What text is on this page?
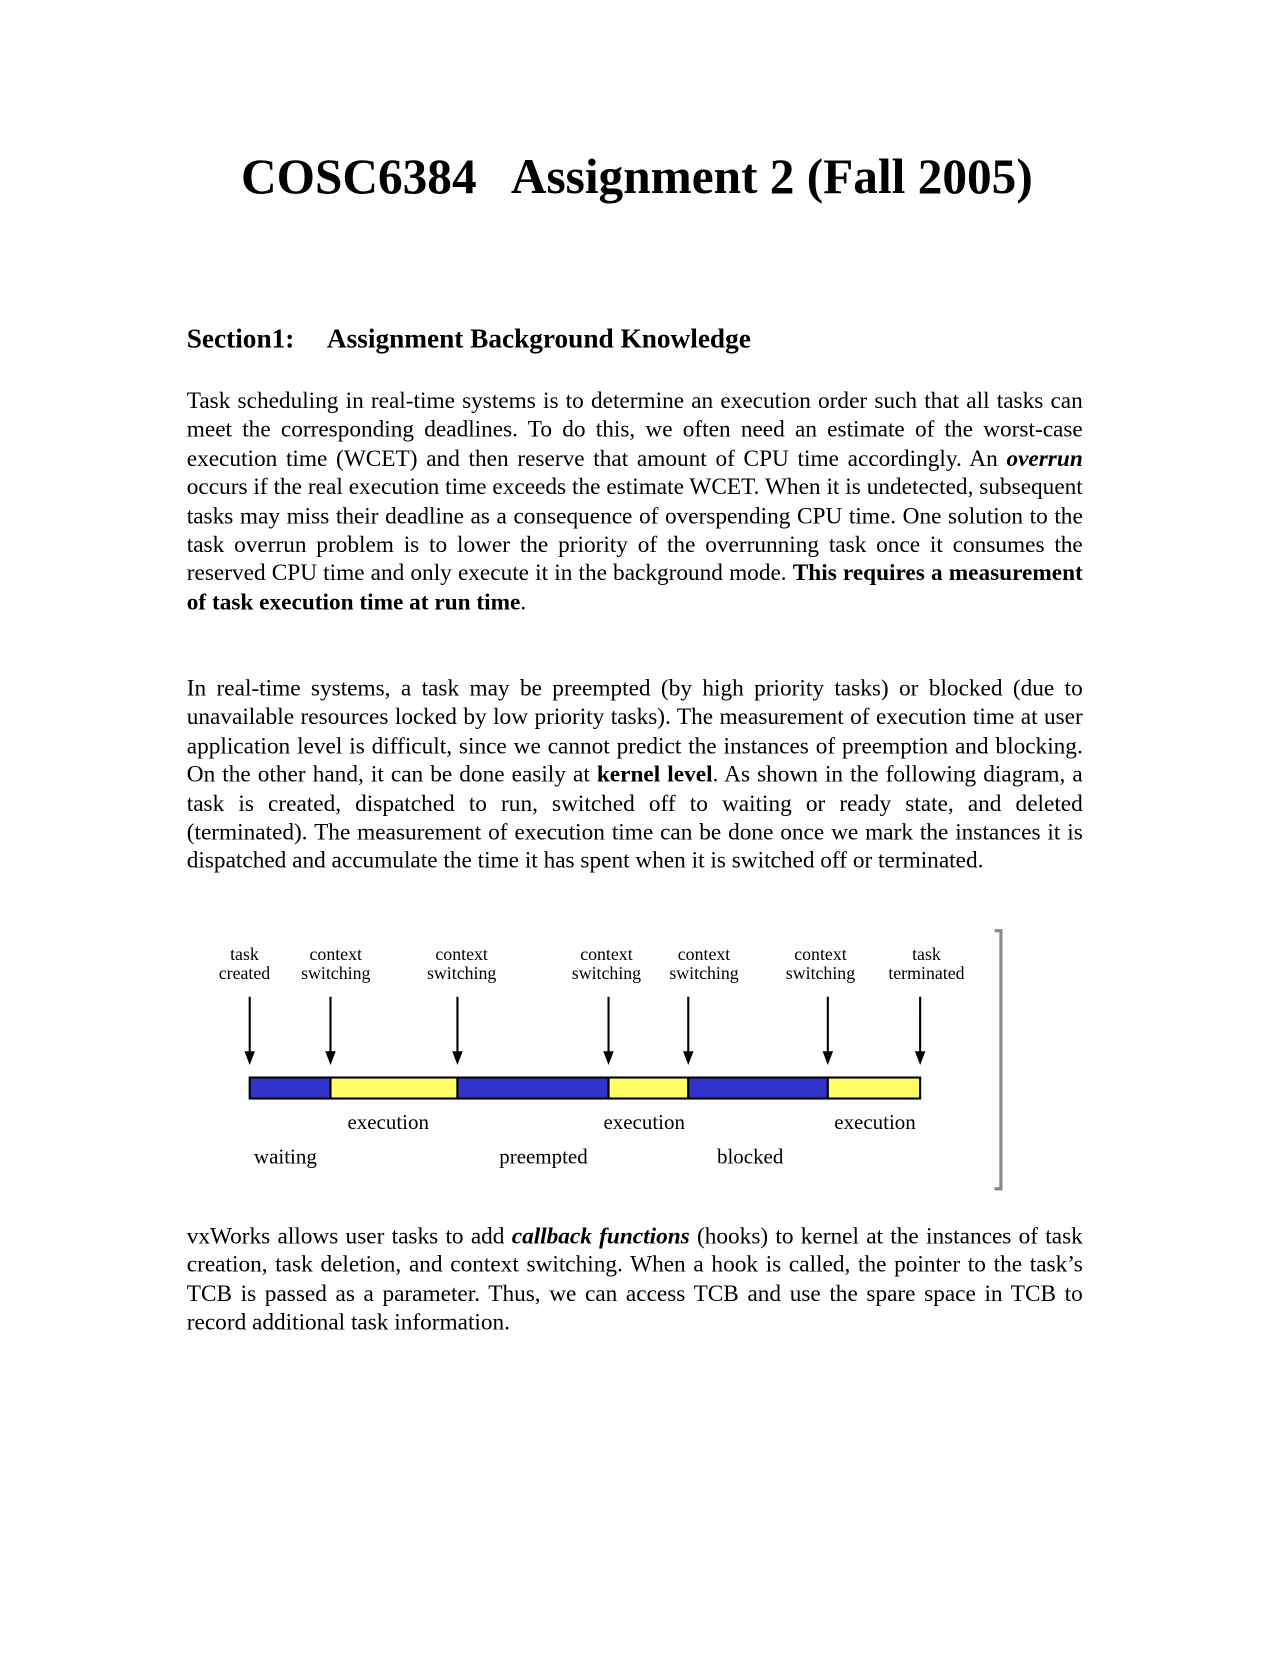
COSC6384   Assignment 2 (Fall 2005)
Section1:     Assignment Background Knowledge

Task scheduling in real-time systems is to determine an execution order such that all tasks can meet the corresponding deadlines. To do this, we often need an estimate of the worst-case execution time (WCET) and then reserve that amount of CPU time accordingly. An overrun occurs if the real execution time exceeds the estimate WCET. When it is undetected, subsequent tasks may miss their deadline as a consequence of overspending CPU time. One solution to the task overrun problem is to lower the priority of the overrunning task once it consumes the reserved CPU time and only execute it in the background mode. This requires a measurement of task execution time at run time.

In real-time systems, a task may be preempted (by high priority tasks) or blocked (due to unavailable resources locked by low priority tasks). The measurement of execution time at user application level is difficult, since we cannot predict the instances of preemption and blocking. On the other hand, it can be done easily at kernel level. As shown in the following diagram, a task is created, dispatched to run, switched off to waiting or ready state, and deleted (terminated). The measurement of execution time can be done once we mark the instances it is dispatched and accumulate the time it has spent when it is switched off or terminated.

task
created
context
switching
context
switching
context
switching
context
switching
context
switching
task
terminated
waiting
execution
preempted
execution
blocked
execution

vxWorks allows user tasks to add callback functions (hooks) to kernel at the instances of task creation, task deletion, and context switching. When a hook is called, the pointer to the task’s TCB is passed as a parameter. Thus, we can access TCB and use the spare space in TCB to record additional task information.
